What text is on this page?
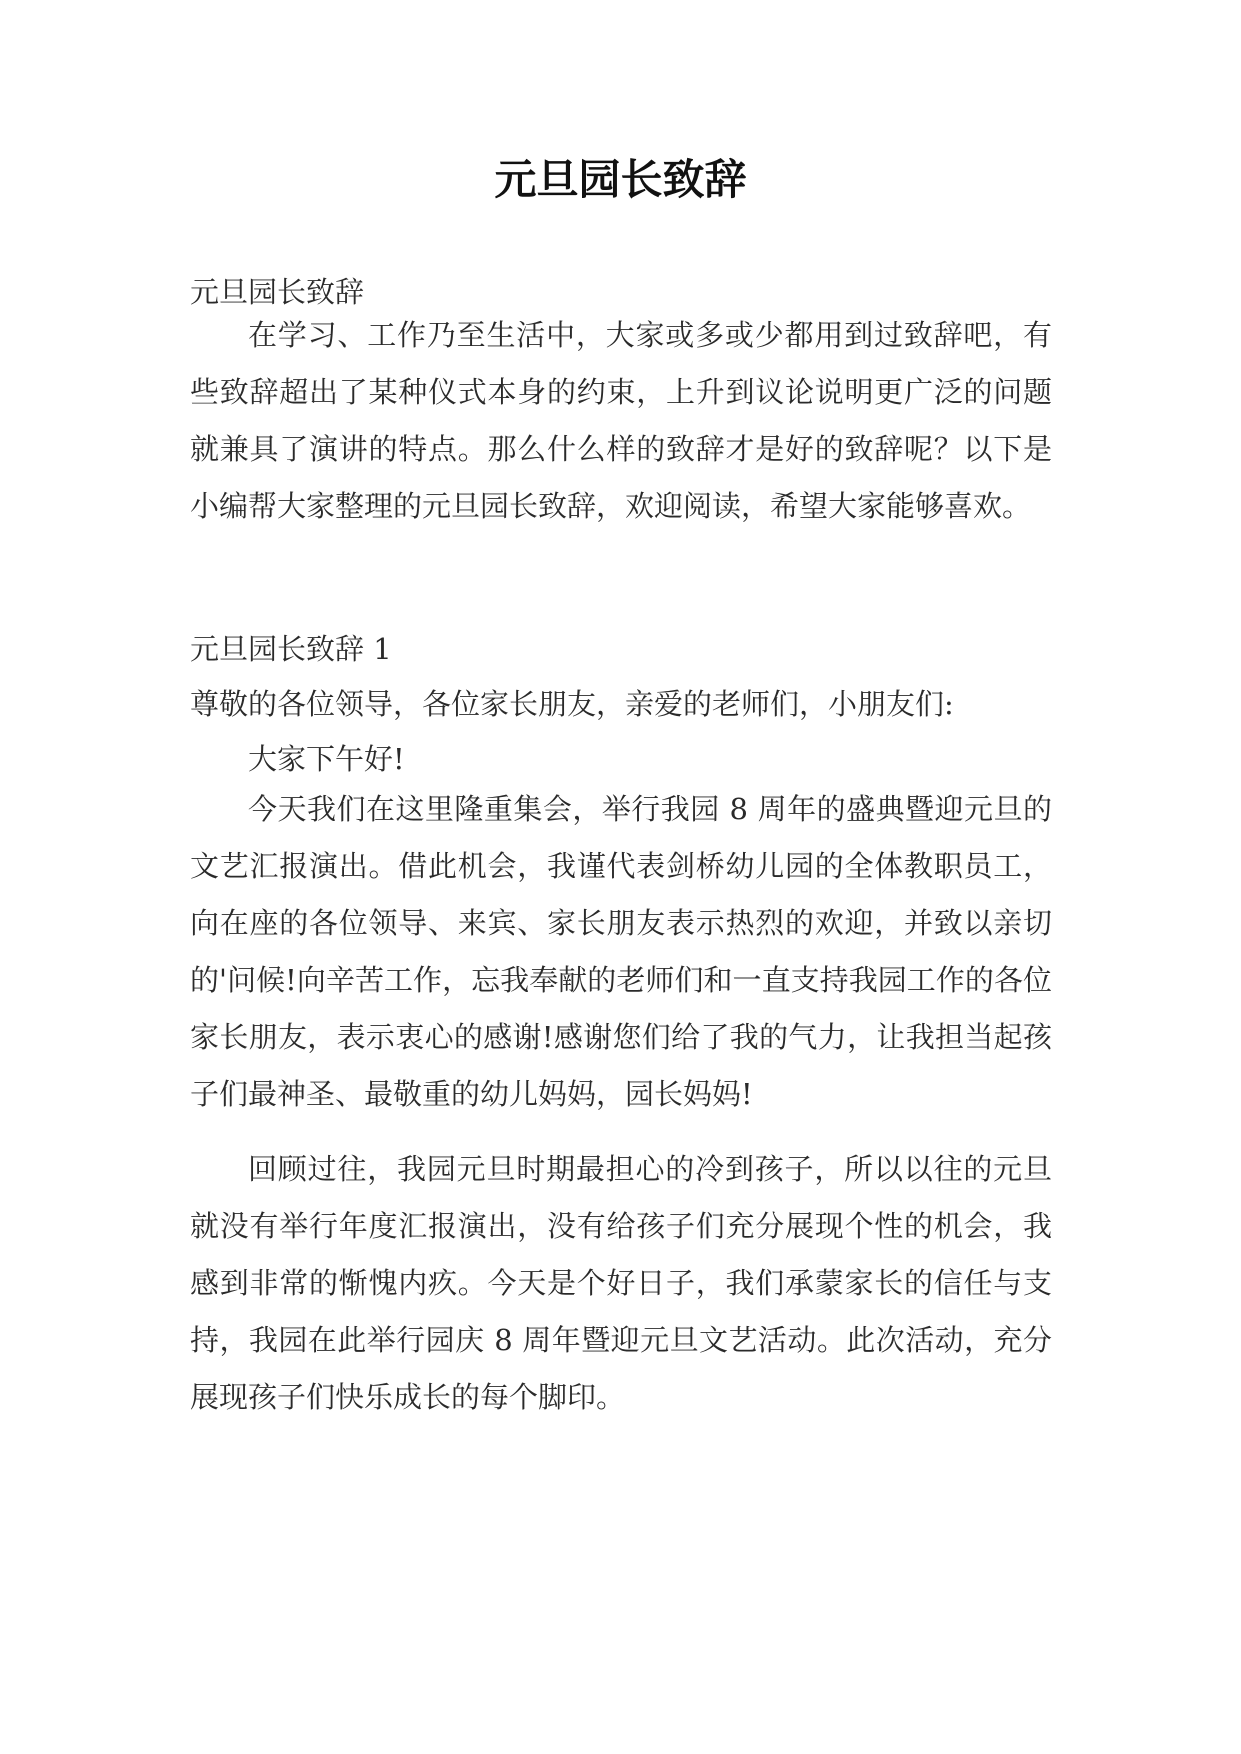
元旦园长致辞

元旦园长致辞

在学习、工作乃至生活中，大家或多或少都用到过致辞吧，有些致辞超出了某种仪式本身的约束，上升到议论说明更广泛的问题就兼具了演讲的特点。那么什么样的致辞才是好的致辞呢？以下是小编帮大家整理的元旦园长致辞，欢迎阅读，希望大家能够喜欢。

元旦园长致辞 1

尊敬的各位领导，各位家长朋友，亲爱的老师们，小朋友们:

大家下午好!

今天我们在这里隆重集会，举行我园 8 周年的盛典暨迎元旦的文艺汇报演出。借此机会，我谨代表剑桥幼儿园的全体教职员工，向在座的各位领导、来宾、家长朋友表示热烈的欢迎，并致以亲切的'问候!向辛苦工作，忘我奉献的老师们和一直支持我园工作的各位家长朋友，表示衷心的感谢!感谢您们给了我的气力，让我担当起孩子们最神圣、最敬重的幼儿妈妈，园长妈妈!

回顾过往，我园元旦时期最担心的冷到孩子，所以以往的元旦就没有举行年度汇报演出，没有给孩子们充分展现个性的机会，我感到非常的惭愧内疚。今天是个好日子，我们承蒙家长的信任与支持，我园在此举行园庆 8 周年暨迎元旦文艺活动。此次活动，充分展现孩子们快乐成长的每个脚印。
